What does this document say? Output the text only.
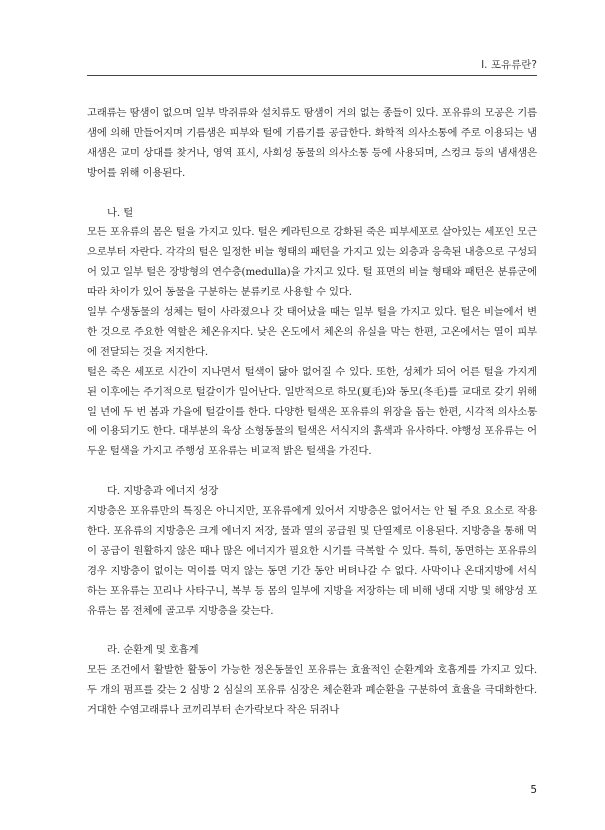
I. 포유류란?

고래류는 땀샘이 없으며 일부 박쥐류와 설치류도 땀샘이 거의 없는 종들이 있다. 포유류의 모공은 기름샘에 의해 만들어지며 기름샘은 피부와 털에 기름기를 공급한다. 화학적 의사소통에 주로 이용되는 냄새샘은 교미 상대를 찾거나, 영역 표시, 사회성 동물의 의사소통 등에 사용되며, 스컹크 등의 냄새샘은 방어를 위해 이용된다.

나. 털

모든 포유류의 몸은 털을 가지고 있다. 털은 케라틴으로 강화된 죽은 피부세포로 살아있는 세포인 모근으로부터 자란다. 각각의 털은 일정한 비늘 형태의 패턴을 가지고 있는 외층과 응축된 내층으로 구성되어 있고 일부 털은 장방형의 연수층(medulla)을 가지고 있다. 털 표면의 비늘 형태와 패턴은 분류군에 따라 차이가 있어 동물을 구분하는 분류키로 사용할 수 있다.

일부 수생동물의 성체는 털이 사라졌으나 갓 태어났을 때는 일부 털을 가지고 있다. 털은 비늘에서 변한 것으로 주요한 역할은 체온유지다. 낮은 온도에서 체온의 유실을 막는 한편, 고온에서는 열이 피부에 전달되는 것을 저지한다.

털은 죽은 세포로 시간이 지나면서 털색이 닳아 없어질 수 있다. 또한, 성체가 되어 어른 털을 가지게 된 이후에는 주기적으로 털갈이가 일어난다. 일반적으로 하모(夏毛)와 동모(冬毛)를 교대로 갖기 위해 일 년에 두 번 봄과 가을에 털갈이를 한다. 다양한 털색은 포유류의 위장을 돕는 한편, 시각적 의사소통에 이용되기도 한다. 대부분의 육상 소형동물의 털색은 서식지의 흙색과 유사하다. 야행성 포유류는 어두운 털색을 가지고 주행성 포유류는 비교적 밝은 털색을 가진다.

다. 지방층과 에너지 성장

지방층은 포유류만의 특징은 아니지만, 포유류에게 있어서 지방층은 없어서는 안 될 주요 요소로 작용한다. 포유류의 지방층은 크게 에너지 저장, 물과 열의 공급원 및 단열제로 이용된다. 지방층을 통해 먹이 공급이 원활하지 않은 때나 많은 에너지가 필요한 시기를 극복할 수 있다. 특히, 동면하는 포유류의 경우 지방층이 없이는 먹이를 먹지 않는 동면 기간 동안 버텨나갈 수 없다. 사막이나 온대지방에 서식하는 포유류는 꼬리나 사타구니, 복부 등 몸의 일부에 지방을 저장하는 데 비해 냉대 지방 및 해양성 포유류는 몸 전체에 골고루 지방층을 갖는다.

라. 순환계 및 호흡계

모든 조건에서 활발한 활동이 가능한 정온동물인 포유류는 효율적인 순환계와 호흡계를 가지고 있다. 두 개의 펌프를 갖는 2 심방 2 심실의 포유류 심장은 체순환과 폐순환을 구분하여 효율을 극대화한다. 거대한 수염고래류나 코끼리부터 손가락보다 작은 뒤쥐나

5
